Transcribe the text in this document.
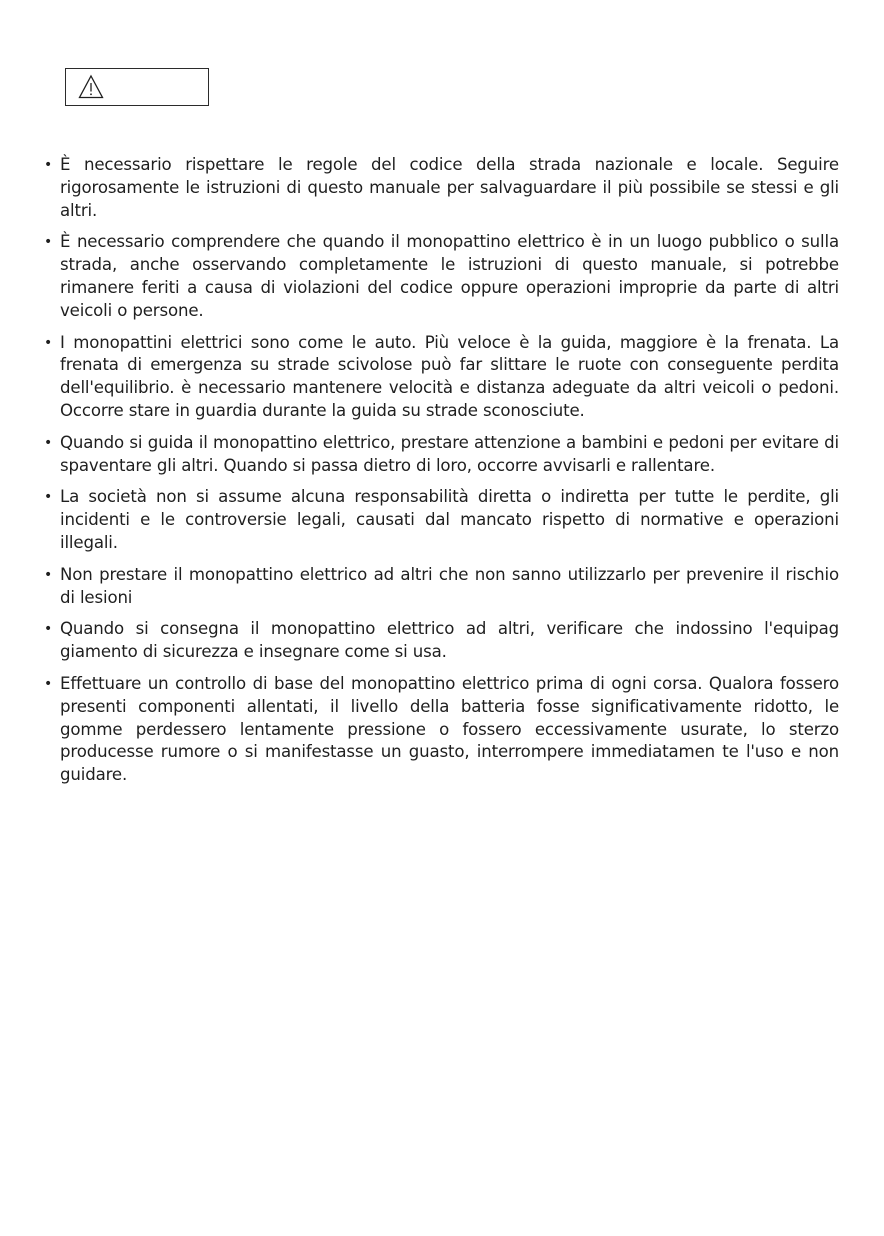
• È necessario rispettare le regole del codice della strada nazionale e locale. Seguire rigorosamente le istruzioni di questo manuale per salvaguardare il più possibile se stessi e gli altri.
• È necessario comprendere che quando il monopattino elettrico è in un luogo pubblico o sulla strada, anche osservando completamente le istruzioni di questo manuale, si potrebbe rimanere feriti a causa di violazioni del codice oppure operazioni improprie da parte di altri veicoli o persone.
• I monopattini elettrici sono come le auto. Più veloce è la guida, maggiore è la frenata. La frenata di emergenza su strade scivolose può far slittare le ruote con conseguente perdita dell'equilibrio. è necessario mantenere velocità e distanza adeguate da altri veicoli o pedoni. Occorre stare in guardia durante la guida su strade sconosciute.
• Quando si guida il monopattino elettrico, prestare attenzione a bambini e pedoni per evitare di spaventare gli altri. Quando si passa dietro di loro, occorre avvisarli e rallentare.
• La società non si assume alcuna responsabilità diretta o indiretta per tutte le perdite, gli incidenti e le controversie legali, causati dal mancato rispetto di normative e operazioni illegali.
• Non prestare il monopattino elettrico ad altri che non sanno utilizzarlo per prevenire il rischio di lesioni
• Quando si consegna il monopattino elettrico ad altri, verificare che indossino l'equipag giamento di sicurezza e insegnare come si usa.
• Effettuare un controllo di base del monopattino elettrico prima di ogni corsa. Qualora fossero presenti componenti allentati, il livello della batteria fosse significativamente ridotto, le gomme perdessero lentamente pressione o fossero eccessivamente usurate, lo sterzo producesse rumore o si manifestasse un guasto, interrompere immediatamen te l'uso e non guidare.
